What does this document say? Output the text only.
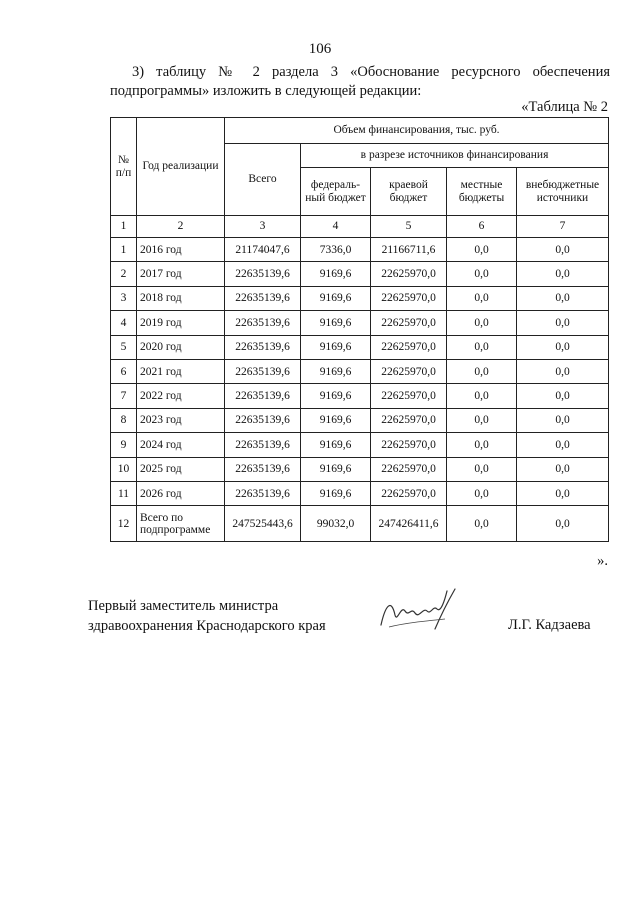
106

3) таблицу № 2 раздела 3 «Обоснование ресурсного обеспечения подпрограммы» изложить в следующей редакции:

«Таблица № 2
№ п/п	Год реализации	Объем финансирования, тыс. руб.				
		Всего	в разрезе источников финансирования			
			федераль-ный бюджет	краевой бюджет	местные бюджеты	внебюджетные источники
1	2	3	4	5	6	7
1	2016 год	21174047,6	7336,0	21166711,6	0,0	0,0
2	2017 год	22635139,6	9169,6	22625970,0	0,0	0,0
3	2018 год	22635139,6	9169,6	22625970,0	0,0	0,0
4	2019 год	22635139,6	9169,6	22625970,0	0,0	0,0
5	2020 год	22635139,6	9169,6	22625970,0	0,0	0,0
6	2021 год	22635139,6	9169,6	22625970,0	0,0	0,0
7	2022 год	22635139,6	9169,6	22625970,0	0,0	0,0
8	2023 год	22635139,6	9169,6	22625970,0	0,0	0,0
9	2024 год	22635139,6	9169,6	22625970,0	0,0	0,0
10	2025 год	22635139,6	9169,6	22625970,0	0,0	0,0
11	2026 год	22635139,6	9169,6	22625970,0	0,0	0,0
12	Всего по подпрограмме	247525443,6	99032,0	247426411,6	0,0	0,0
».
Первый заместитель министра
здравоохранения Краснодарского края	Л.Г. Кадзаева
